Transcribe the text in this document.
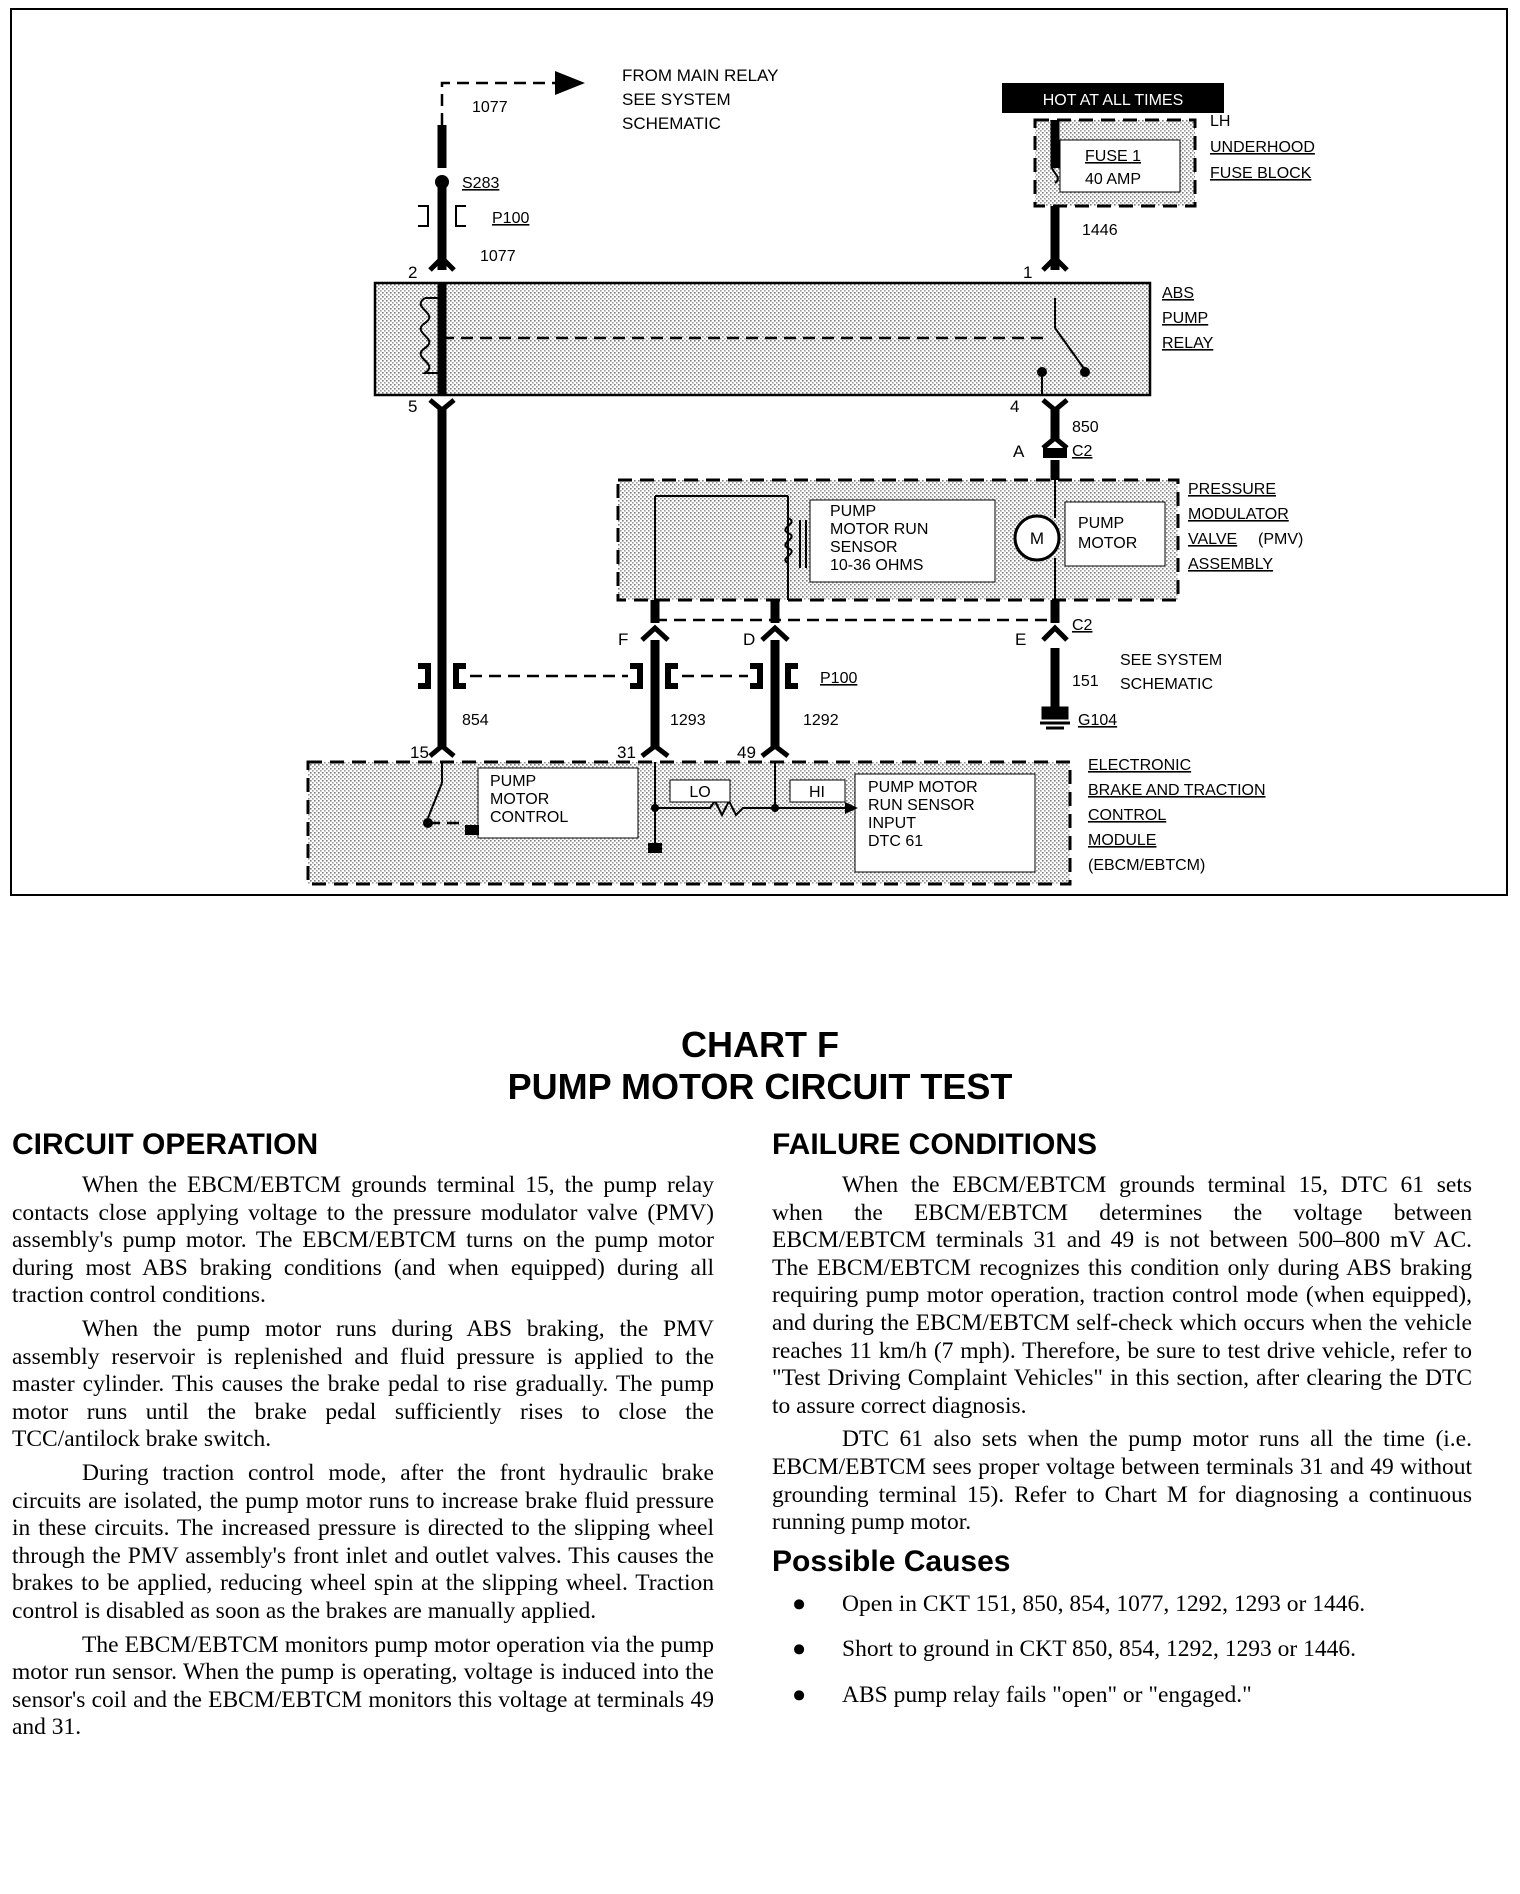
HOT AT ALL TIMES
FROM MAIN RELAY
SEE SYSTEM
SCHEMATIC
1077
S283
P100
1077
2	1
1446
LH
UNDERHOOD
FUSE BLOCK
FUSE 1
40 AMP
ABS
PUMP
RELAY
5	4
850
A	C2
PUMP
MOTOR RUN
SENSOR
10-36 OHMS
M
PUMP
MOTOR
PRESSURE
MODULATOR
VALVE (PMV)
ASSEMBLY
F	D	E
C2
151
SEE SYSTEM
SCHEMATIC
G104
P100
854	1293	1292
15	31	49
PUMP
MOTOR
CONTROL
LO	HI	PUMP MOTOR
RUN SENSOR
INPUT
DTC 61
ELECTRONIC
BRAKE AND TRACTION
CONTROL
MODULE
(EBCM/EBTCM)
CHART F
PUMP MOTOR CIRCUIT TEST
CIRCUIT OPERATION

When the EBCM/EBTCM grounds terminal 15, the pump relay contacts close applying voltage to the pressure modulator valve (PMV) assembly's pump motor. The EBCM/EBTCM turns on the pump motor during most ABS braking conditions (and when equipped) during all traction control conditions.

When the pump motor runs during ABS braking, the PMV assembly reservoir is replenished and fluid pressure is applied to the master cylinder. This causes the brake pedal to rise gradually. The pump motor runs until the brake pedal sufficiently rises to close the TCC/antilock brake switch.

During traction control mode, after the front hydraulic brake circuits are isolated, the pump motor runs to increase brake fluid pressure in these circuits. The increased pressure is directed to the slipping wheel through the PMV assembly's front inlet and outlet valves. This causes the brakes to be applied, reducing wheel spin at the slipping wheel. Traction control is disabled as soon as the brakes are manually applied.

The EBCM/EBTCM monitors pump motor operation via the pump motor run sensor. When the pump is operating, voltage is induced into the sensor's coil and the EBCM/EBTCM monitors this voltage at terminals 49 and 31.

FAILURE CONDITIONS

When the EBCM/EBTCM grounds terminal 15, DTC 61 sets when the EBCM/EBTCM determines the voltage between EBCM/EBTCM terminals 31 and 49 is not between 500–800 mV AC. The EBCM/EBTCM recognizes this condition only during ABS braking requiring pump motor operation, traction control mode (when equipped), and during the EBCM/EBTCM self-check which occurs when the vehicle reaches 11 km/h (7 mph). Therefore, be sure to test drive vehicle, refer to "Test Driving Complaint Vehicles" in this section, after clearing the DTC to assure correct diagnosis.

DTC 61 also sets when the pump motor runs all the time (i.e. EBCM/EBTCM sees proper voltage between terminals 31 and 49 without grounding terminal 15). Refer to Chart M for diagnosing a continuous running pump motor.

Possible Causes
● Open in CKT 151, 850, 854, 1077, 1292, 1293 or 1446.
● Short to ground in CKT 850, 854, 1292, 1293 or 1446.
● ABS pump relay fails "open" or "engaged."
